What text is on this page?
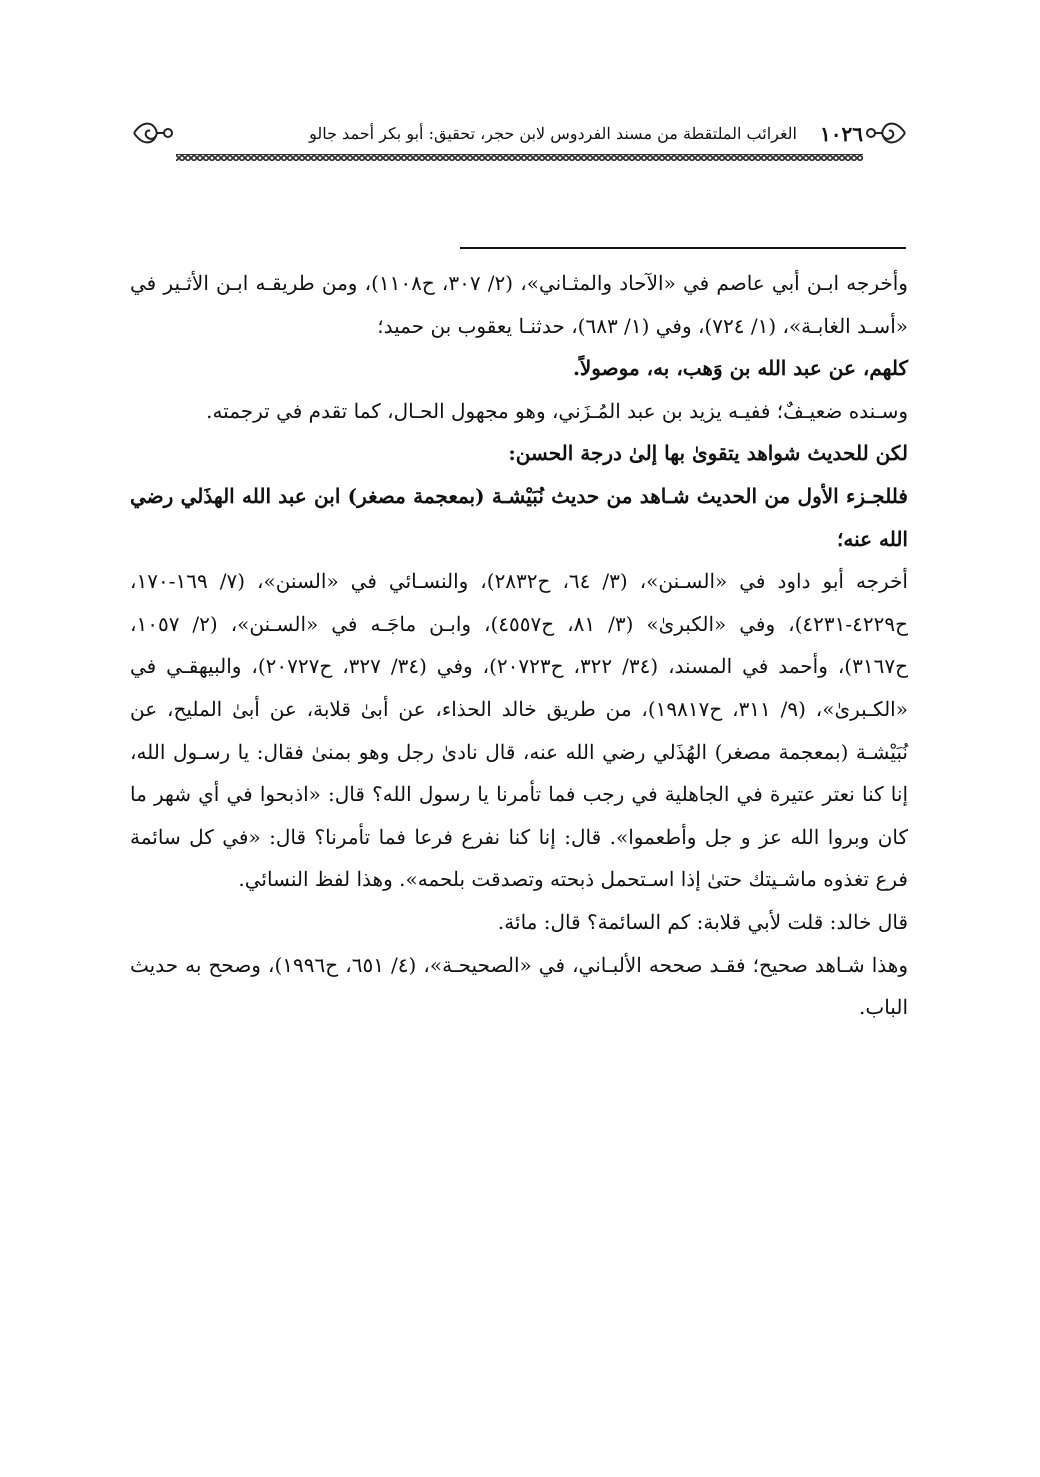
١٠٢٦
الغرائب الملتقطة من مسند الفردوس لابن حجر، تحقيق: أبو بكر أحمد جالو

وأخرجه ابـن أبي عاصم في «الآحاد والمثـاني»، (٢/ ٣٠٧، ح١١٠٨)، ومن طريقـه ابـن الأثـير في «أسـد الغابـة»، (١/ ٧٢٤)، وفي (١/ ٦٨٣)، حدثنـا يعقوب بن حميد؛

كلهم، عن عبد الله بن وَهب، به، موصولاً.

وسـنده ضعيـفٌ؛ ففيـه يزيد بن عبد المُـزَني، وهو مجهول الحـال، كما تقدم في ترجمته.

لكن للحديث شواهد يتقوىٰ بها إلىٰ درجة الحسن:

فللجـزء الأول من الحديث شـاهد من حديث نُبَيْشـة (بمعجمة مصغر) ابن عبد الله الهذَلي رضي الله عنه؛

أخرجه أبو داود في «السـنن»، (٣/ ٦٤، ح٢٨٣٢)، والنسـائي في «السنن»، (٧/ ١٦٩-١٧٠، ح٤٢٢٩-٤٢٣١)، وفي «الكبرىٰ» (٣/ ٨١، ح٤٥٥٧)، وابـن ماجَـه في «السـنن»، (٢/ ١٠٥٧، ح٣١٦٧)، وأحمد في المسند، (٣٤/ ٣٢٢، ح٢٠٧٢٣)، وفي (٣٤/ ٣٢٧، ح٢٠٧٢٧)، والبيهقـي في «الكـبرىٰ»، (٩/ ٣١١، ح١٩٨١٧)، من طريق خالد الحذاء، عن أبىٰ قلابة، عن أبىٰ المليح، عن نُبَيْشـة (بمعجمة مصغر) الهُذَلي رضي الله عنه، قال نادىٰ رجل وهو بمنىٰ فقال: يا رسـول الله، إنا كنا نعتر عتيرة في الجاهلية في رجب فما تأمرنا يا رسول الله؟ قال: «اذبحوا في أي شهر ما كان وبروا الله عز و جل وأطعموا». قال: إنا كنا نفرع فرعا فما تأمرنا؟ قال: «في كل سائمة فرع تغذوه ماشـيتك حتىٰ إذا اسـتحمل ذبحته وتصدقت بلحمه». وهذا لفظ النسائي.

قال خالد: قلت لأبي قلابة: كم السائمة؟ قال: مائة.

وهذا شـاهد صحيح؛ فقـد صححه الألبـاني، في «الصحيحـة»، (٤/ ٦٥١، ح١٩٩٦)، وصحح به حديث الباب.
